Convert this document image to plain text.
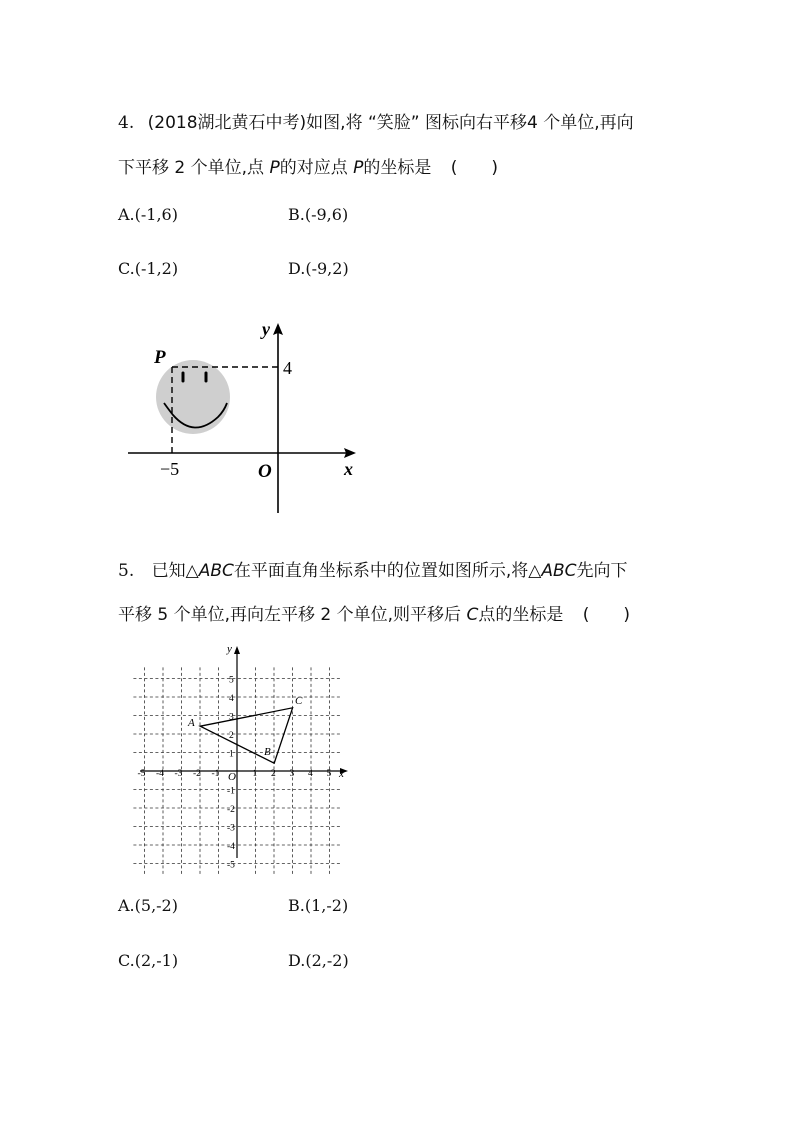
4. (2018湖北黄石中考)如图,将 “笑脸” 图标向右平移4 个单位,再向
下平移 2 个单位,点 P的对应点 P的坐标是 (　　)
A.(-1,6)	B.(-9,6)
C.(-1,2)	D.(-9,2)
P
y
x
O
4
−5
5. 已知△ABC在平面直角坐标系中的位置如图所示,将△ABC先向下
平移 5 个单位,再向左平移 2 个单位,则平移后 C点的坐标是 (　　)
-5 -4 -3 -2 -1	1 2 3 4 5
5
4
3
2
1
-1
-2
-3
-4
-5
A
B
C
y
x
O
A.(5,-2)	B.(1,-2)
C.(2,-1)	D.(2,-2)
